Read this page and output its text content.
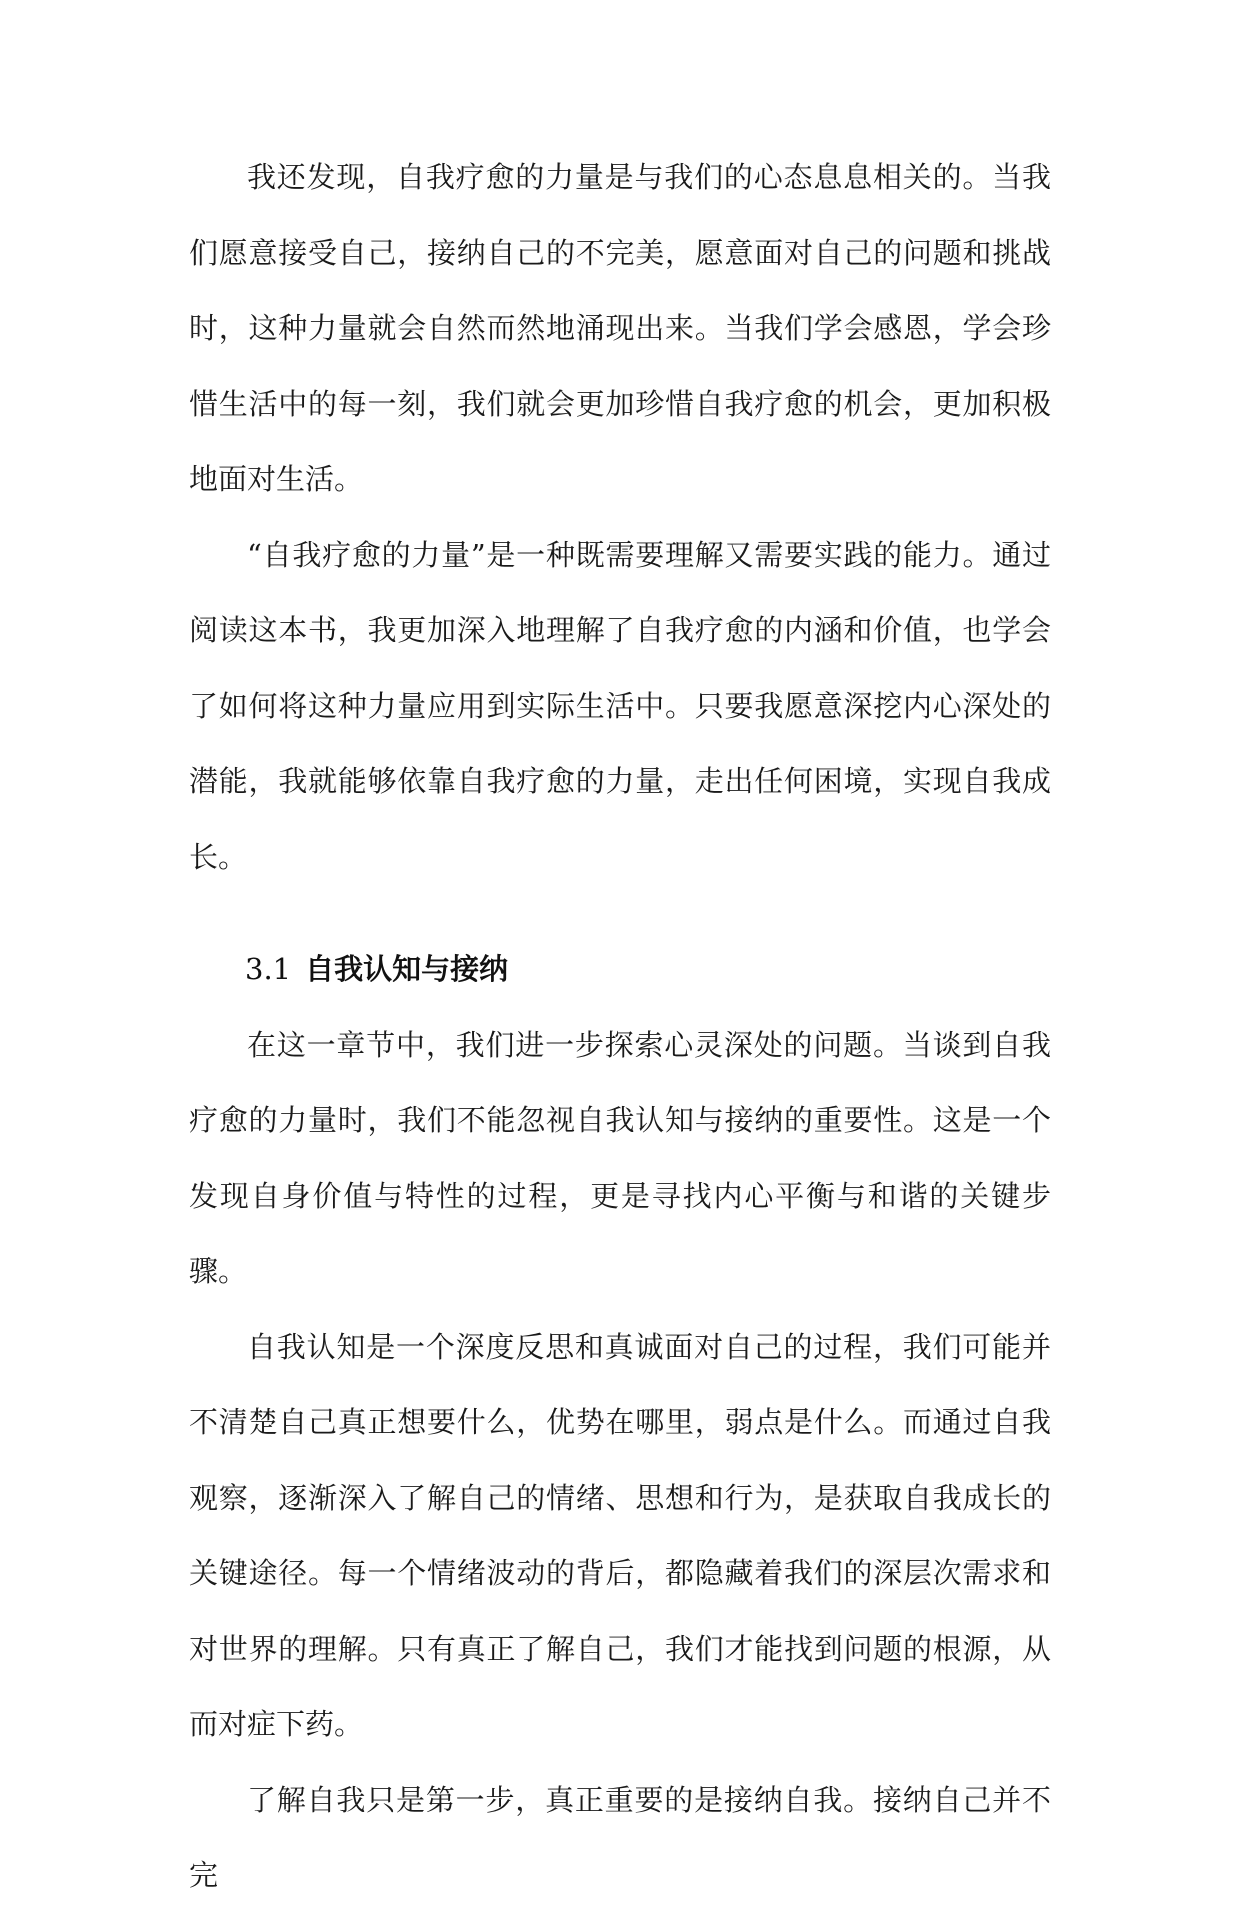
我还发现，自我疗愈的力量是与我们的心态息息相关的。当我们愿意接受自己，接纳自己的不完美，愿意面对自己的问题和挑战时，这种力量就会自然而然地涌现出来。当我们学会感恩，学会珍惜生活中的每一刻，我们就会更加珍惜自我疗愈的机会，更加积极地面对生活。

“自我疗愈的力量”是一种既需要理解又需要实践的能力。通过阅读这本书，我更加深入地理解了自我疗愈的内涵和价值，也学会了如何将这种力量应用到实际生活中。只要我愿意深挖内心深处的潜能，我就能够依靠自我疗愈的力量，走出任何困境，实现自我成长。

3.1 自我认知与接纳

在这一章节中，我们进一步探索心灵深处的问题。当谈到自我疗愈的力量时，我们不能忽视自我认知与接纳的重要性。这是一个发现自身价值与特性的过程，更是寻找内心平衡与和谐的关键步骤。

自我认知是一个深度反思和真诚面对自己的过程，我们可能并不清楚自己真正想要什么，优势在哪里，弱点是什么。而通过自我观察，逐渐深入了解自己的情绪、思想和行为，是获取自我成长的关键途径。每一个情绪波动的背后，都隐藏着我们的深层次需求和对世界的理解。只有真正了解自己，我们才能找到问题的根源，从而对症下药。

了解自我只是第一步，真正重要的是接纳自我。接纳自己并不完
